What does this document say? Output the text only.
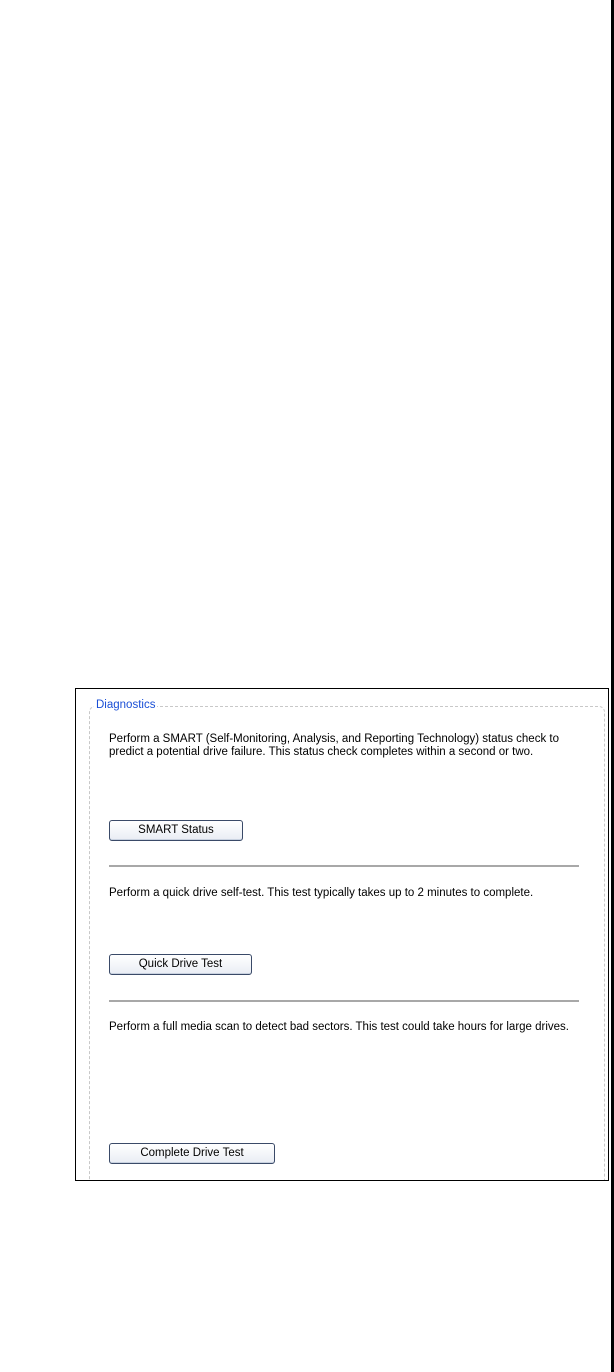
Diagnostics

Perform a SMART (Self-Monitoring, Analysis, and Reporting Technology) status check to predict a potential drive failure. This status check completes within a second or two.

SMART Status

Perform a quick drive self-test. This test typically takes up to 2 minutes to complete.

Quick Drive Test

Perform a full media scan to detect bad sectors. This test could take hours for large drives.

Complete Drive Test
